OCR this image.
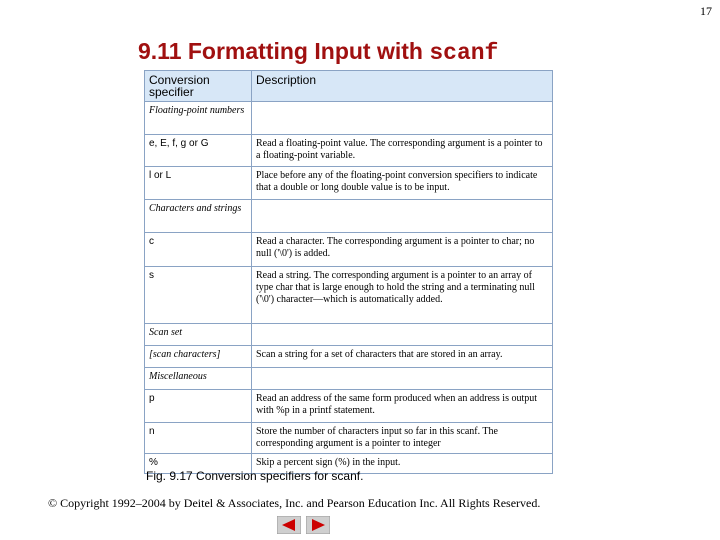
17
9.11 Formatting Input with scanf
Conversion specifier	Description
Floating-point numbers	
e, E, f, g or G	Read a floating-point value. The corresponding argument is a pointer to a floating-point variable.
l or L	Place before any of the floating-point conversion specifiers to indicate that a double or long double value is to be input.
Characters and strings	
c	Read a character. The corresponding argument is a pointer to char; no null ('\0') is added.
s	Read a string. The corresponding argument is a pointer to an array of type char that is large enough to hold the string and a terminating null ('\0') character—which is automatically added.
Scan set	
[scan characters]	Scan a string for a set of characters that are stored in an array.
Miscellaneous	
p	Read an address of the same form produced when an address is output with %p in a printf statement.
n	Store the number of characters input so far in this scanf. The corresponding argument is a pointer to integer
%	Skip a percent sign (%) in the input.
Fig. 9.17 Conversion specifiers for scanf.
© Copyright 1992–2004 by Deitel & Associates, Inc. and Pearson Education Inc. All Rights Reserved.
